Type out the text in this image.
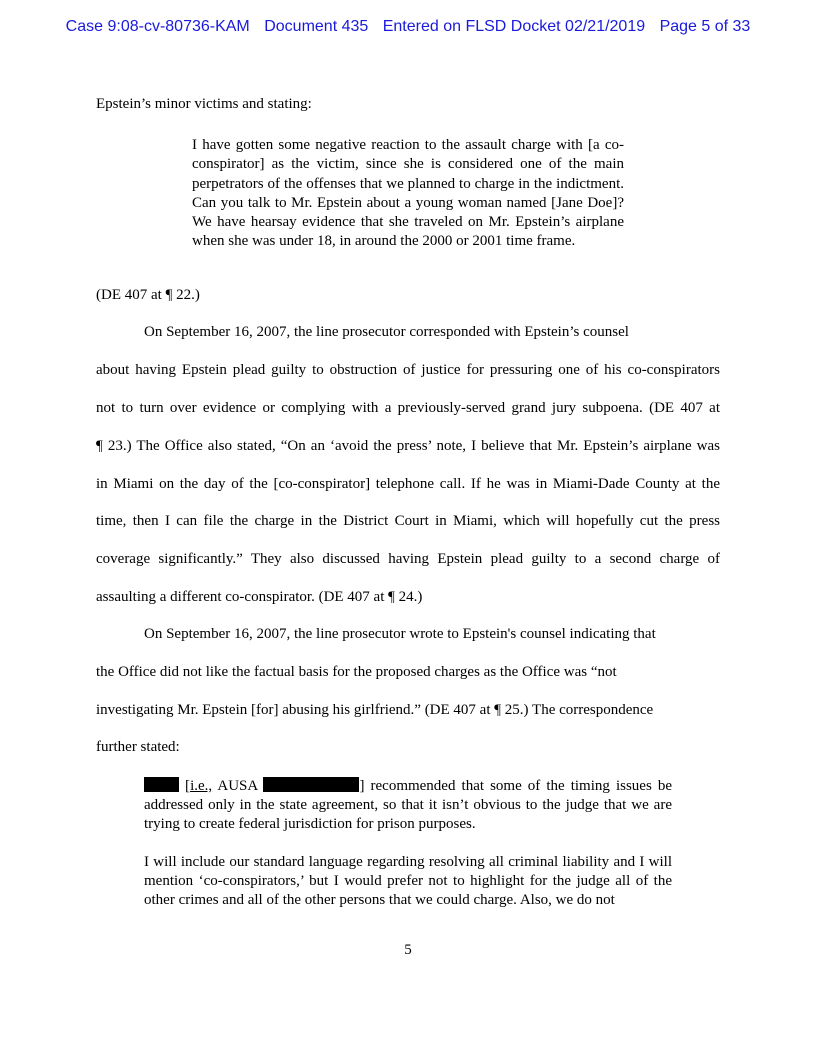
Case 9:08-cv-80736-KAM Document 435 Entered on FLSD Docket 02/21/2019 Page 5 of 33
Epstein’s minor victims and stating:
I have gotten some negative reaction to the assault charge with [a co-conspirator] as the victim, since she is considered one of the main perpetrators of the offenses that we planned to charge in the indictment. Can you talk to Mr. Epstein about a young woman named [Jane Doe]? We have hearsay evidence that she traveled on Mr. Epstein’s airplane when she was under 18, in around the 2000 or 2001 time frame.
(DE 407 at ¶ 22.)
On September 16, 2007, the line prosecutor corresponded with Epstein’s counsel
about having Epstein plead guilty to obstruction of justice for pressuring one of his co-conspirators
not to turn over evidence or complying with a previously-served grand jury subpoena. (DE 407 at
¶ 23.) The Office also stated, “On an ‘avoid the press’ note, I believe that Mr. Epstein’s airplane was
in Miami on the day of the [co-conspirator] telephone call. If he was in Miami-Dade County at the
time, then I can file the charge in the District Court in Miami, which will hopefully cut the press
coverage significantly.” They also discussed having Epstein plead guilty to a second charge of
assaulting a different co-conspirator. (DE 407 at ¶ 24.)
On September 16, 2007, the line prosecutor wrote to Epstein's counsel indicating that
the Office did not like the factual basis for the proposed charges as the Office was “not
investigating Mr. Epstein [for] abusing his girlfriend.” (DE 407 at ¶ 25.) The correspondence
further stated:
[i.e., AUSA	] recommended that some of the timing issues be addressed only in the state agreement, so that it isn’t obvious to the judge that we are trying to create federal jurisdiction for prison purposes.
I will include our standard language regarding resolving all criminal liability and I will mention ‘co-conspirators,’ but I would prefer not to highlight for the judge all of the other crimes and all of the other persons that we could charge. Also, we do not
5
